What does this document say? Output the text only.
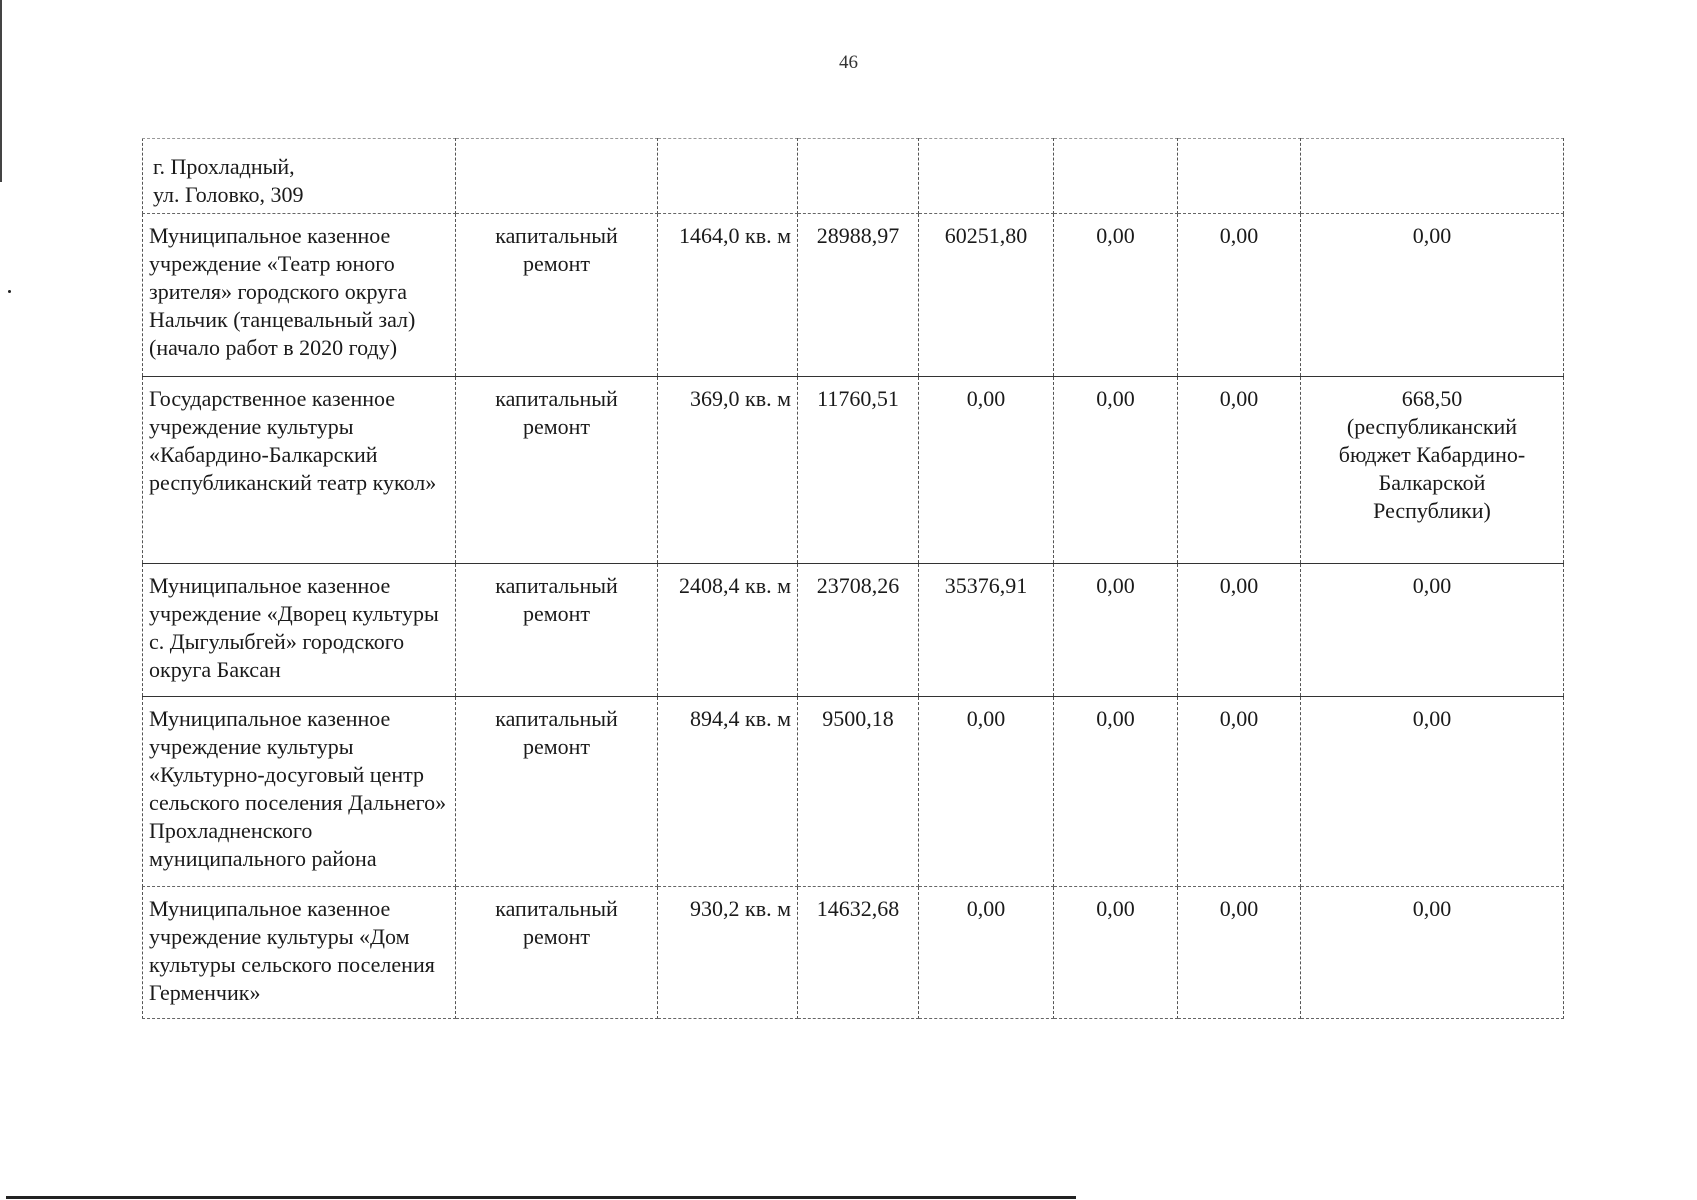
46
г. Прохладный,
ул. Головко, 309							
Муниципальное казенное учреждение «Театр юного зрителя» городского округа Нальчик (танцевальный зал) (начало работ в 2020 году)	капитальный ремонт	1464,0 кв. м	28988,97	60251,80	0,00	0,00	0,00
Государственное казенное учреждение культуры «Кабардино-Балкарский республиканский театр кукол»	капитальный ремонт	369,0 кв. м	11760,51	0,00	0,00	0,00	668,50 (республиканский бюджет Кабардино-Балкарской Республики)
Муниципальное казенное учреждение «Дворец культуры с. Дыгулыбгей» городского округа Баксан	капитальный ремонт	2408,4 кв. м	23708,26	35376,91	0,00	0,00	0,00
Муниципальное казенное учреждение культуры «Культурно-досуговый центр сельского поселения Дальнего» Прохладненского муниципального района	капитальный ремонт	894,4 кв. м	9500,18	0,00	0,00	0,00	0,00
Муниципальное казенное учреждение культуры «Дом культуры сельского поселения Герменчик»	капитальный ремонт	930,2 кв. м	14632,68	0,00	0,00	0,00	0,00
